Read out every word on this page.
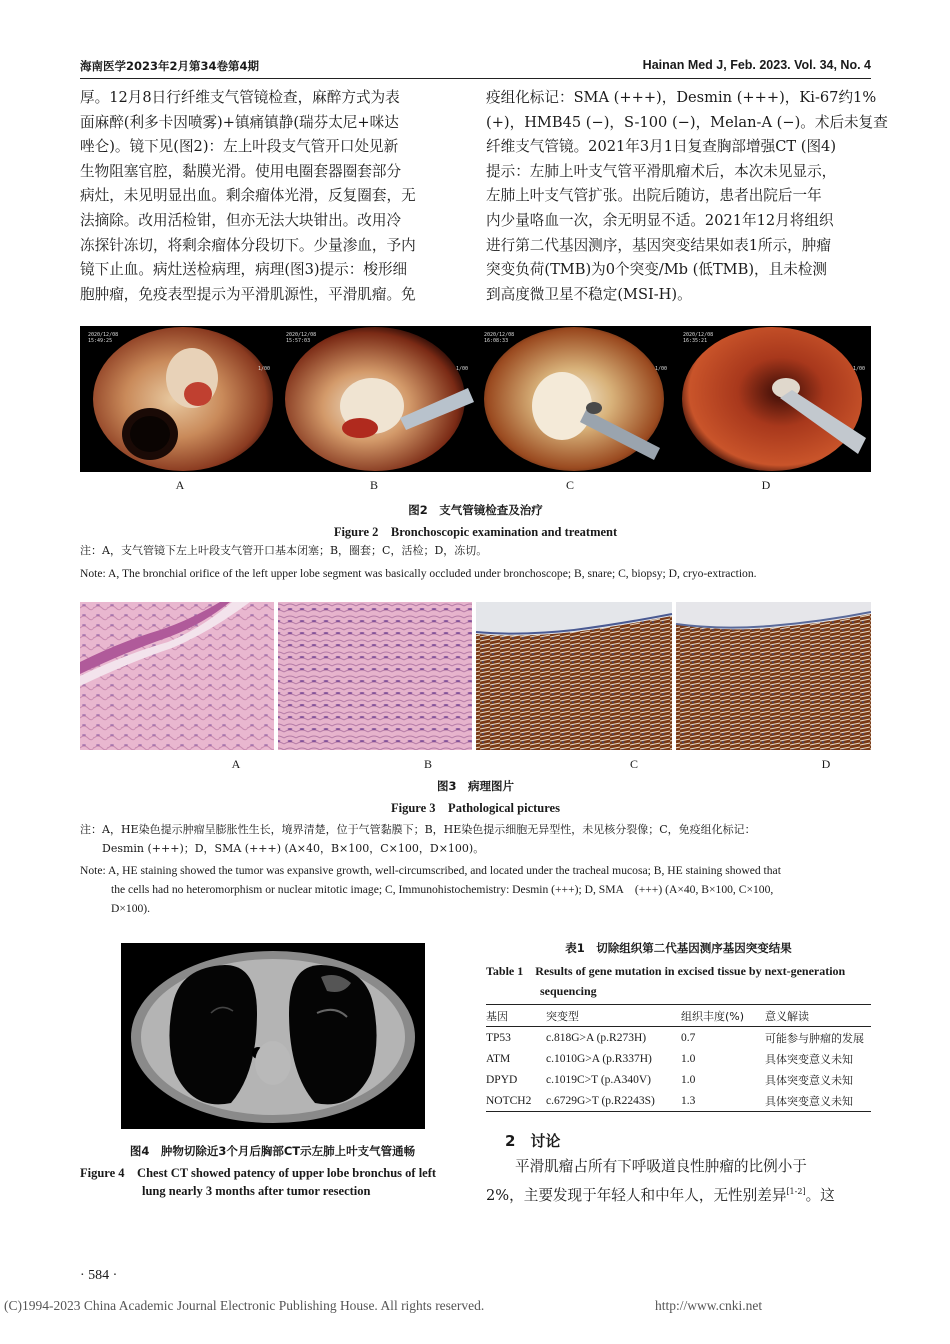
海南医学2023年2月第34卷第4期	Hainan Med J, Feb. 2023. Vol. 34, No. 4
厚。12月8日行纤维支气管镜检查，麻醉方式为表
面麻醉(利多卡因喷雾)+镇痛镇静(瑞芬太尼+咪达
唑仑)。镜下见(图2)：左上叶段支气管开口处见新
生物阻塞官腔，黏膜光滑。使用电圈套器圈套部分
病灶，未见明显出血。剩余瘤体光滑，反复圈套，无
法摘除。改用活检钳，但亦无法大块钳出。改用冷
冻探针冻切，将剩余瘤体分段切下。少量渗血，予内
镜下止血。病灶送检病理，病理(图3)提示：梭形细
胞肿瘤，免疫表型提示为平滑肌源性，平滑肌瘤。免
疫组化标记：SMA (+++)，Desmin (+++)，Ki-67约1%
(+)，HMB45 (−)，S-100 (−)，Melan-A (−)。术后未复查
纤维支气管镜。2021年3月1日复查胸部增强CT (图4)
提示：左肺上叶支气管平滑肌瘤术后，本次未见显示，
左肺上叶支气管扩张。出院后随访，患者出院后一年
内少量咯血一次，余无明显不适。2021年12月将组织
进行第二代基因测序，基因突变结果如表1所示，肿瘤
突变负荷(TMB)为0个突变/Mb (低TMB)，且未检测
到高度微卫星不稳定(MSI-H)。
2020/12/08
15:49:25
2020/12/08
15:57:03
2020/12/08
16:08:33
2020/12/08
16:35:21
1/00	1/00	1/00	1/00
A	B	C	D
图2　支气管镜检查及治疗
Figure 2　Bronchoscopic examination and treatment
注：A，支气管镜下左上叶段支气管开口基本闭塞；B，圈套；C，活检；D，冻切。
Note: A, The bronchial orifice of the left upper lobe segment was basically occluded under bronchoscope; B, snare; C, biopsy; D, cryo-extraction.
A	B	C	D
图3　病理图片
Figure 3　Pathological pictures
注：A，HE染色提示肿瘤呈膨胀性生长，境界清楚，位于气管黏膜下；B，HE染色提示细胞无异型性，未见核分裂像；C，免疫组化标记：
Desmin (+++)；D，SMA (+++) (A×40，B×100，C×100，D×100)。
Note: A, HE staining showed the tumor was expansive growth, well-circumscribed, and located under the tracheal mucosa; B, HE staining showed that
the cells had no heteromorphism or nuclear mitotic image; C, Immunohistochemistry: Desmin (+++); D, SMA　(+++) (A×40, B×100, C×100,
D×100).
图4　肿物切除近3个月后胸部CT示左肺上叶支气管通畅
Figure 4　Chest CT showed patency of upper lobe bronchus of left
lung nearly 3 months after tumor resection
表1　切除组织第二代基因测序基因突变结果
Table 1　Results of gene mutation in excised tissue by next-generation
sequencing
基因	突变型	组织丰度(%)	意义解读
TP53	c.818G>A (p.R273H)	0.7	可能参与肿瘤的发展
ATM	c.1010G>A (p.R337H)	1.0	具体突变意义未知
DPYD	c.1019C>T (p.A340V)	1.0	具体突变意义未知
NOTCH2	c.6729G>T (p.R2243S)	1.3	具体突变意义未知
2　讨论
平滑肌瘤占所有下呼吸道良性肿瘤的比例小于
2%，主要发现于年轻人和中年人，无性别差异[1-2]。这
· 584 ·
(C)1994-2023 China Academic Journal Electronic Publishing House. All rights reserved.	http://www.cnki.net
